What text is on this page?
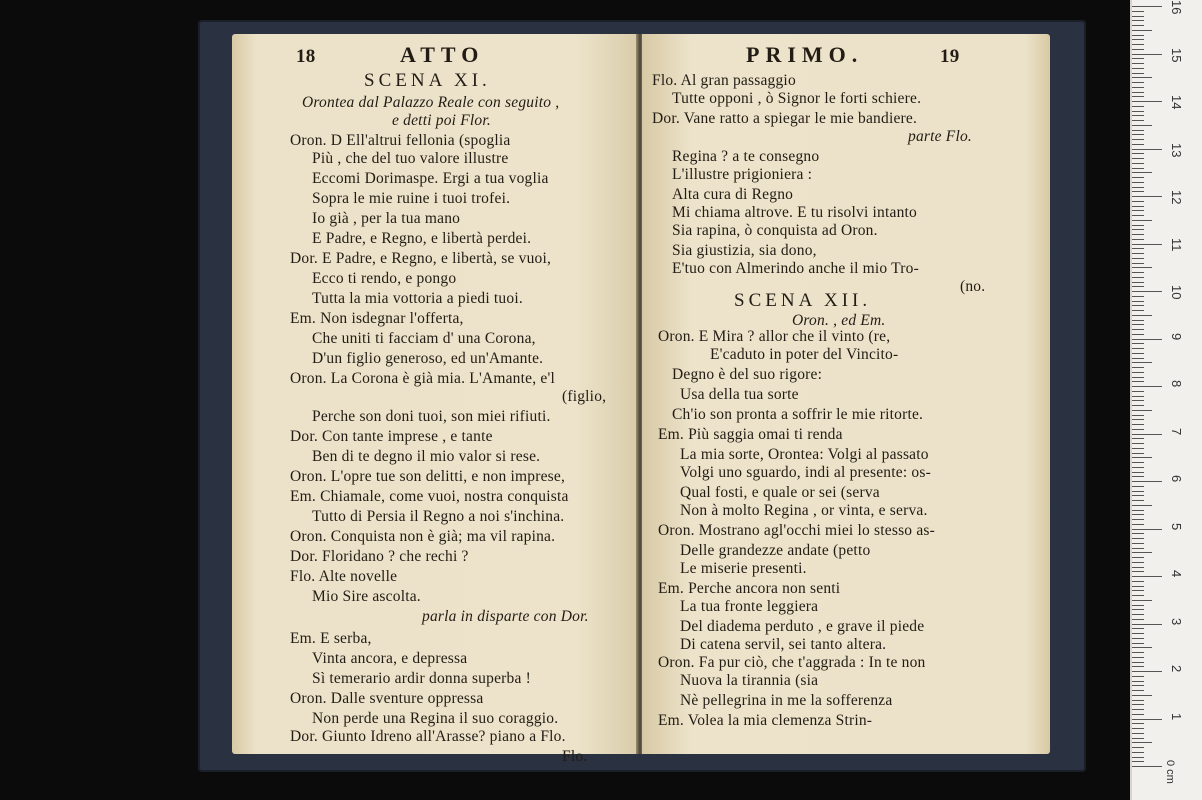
18	ATTO
SCENA XI.
Orontea dal Palazzo Reale con seguito ,
e detti poi Flor.
Oron. D Ell'altrui fellonia (spoglia
Più , che del tuo valore illustre
Eccomi Dorimaspe. Ergi a tua voglia
Sopra le mie ruine i tuoi trofei.
Io già , per la tua mano
E Padre, e Regno, e libertà perdei.
Dor. E Padre, e Regno, e libertà, se vuoi,
Ecco ti rendo, e pongo
Tutta la mia vottoria a piedi tuoi.
Em. Non isdegnar l'offerta,
Che uniti ti facciam d' una Corona,
D'un figlio generoso, ed un'Amante.
Oron. La Corona è già mia. L'Amante, e'l
(figlio,
Perche son doni tuoi, son miei rifiuti.
Dor. Con tante imprese , e tante
Ben di te degno il mio valor si rese.
Oron. L'opre tue son delitti, e non imprese,
Em. Chiamale, come vuoi, nostra conquista
Tutto di Persia il Regno a noi s'inchina.
Oron. Conquista non è già; ma vil rapina.
Dor. Floridano ? che rechi ?
Flo. Alte novelle
Mio Sire ascolta.
parla in disparte con Dor.
Em. E serba,
Vinta ancora, e depressa
Sì temerario ardir donna superba !
Oron. Dalle sventure oppressa
Non perde una Regina il suo coraggio.
Dor. Giunto Idreno all'Arasse? piano a Flo.
Flo.
PRIMO.	19
Flo. Al gran passaggio
Tutte opponi , ò Signor le forti schiere.
Dor. Vane ratto a spiegar le mie bandiere.
parte Flo.
Regina ? a te consegno
L'illustre prigioniera :
Alta cura di Regno
Mi chiama altrove. E tu risolvi intanto
Sia rapina, ò conquista ad Oron.
Sia giustizia, sia dono,
E'tuo con Almerindo anche il mio Tro-
(no.
Oron. E Mira ? allor che il vinto (re,
E'caduto in poter del Vincito-
Degno è del suo rigore:
Usa della tua sorte
Ch'io son pronta a soffrir le mie ritorte.
Em. Più saggia omai ti renda
La mia sorte, Orontea: Volgi al passato
Volgi uno sguardo, indi al presente: os-
Qual fosti, e quale or sei (serva
Non à molto Regina , or vinta, e serva.
Oron. Mostrano agl'occhi miei lo stesso as-
Delle grandezze andate (petto
Le miserie presenti.
Em. Perche ancora non senti
La tua fronte leggiera
Del diadema perduto , e grave il piede
Di catena servil, sei tanto altera.
Oron. Fa pur ciò, che t'aggrada : In te non
Nuova la tirannia (sia
Nè pellegrina in me la sofferenza
Em. Volea la mia clemenza Strin-
SCENA XII.
Oron. , ed Em.
16
15
14
13
12
11
10
9
8
7
6
5
4
3
2
1
0 cm
